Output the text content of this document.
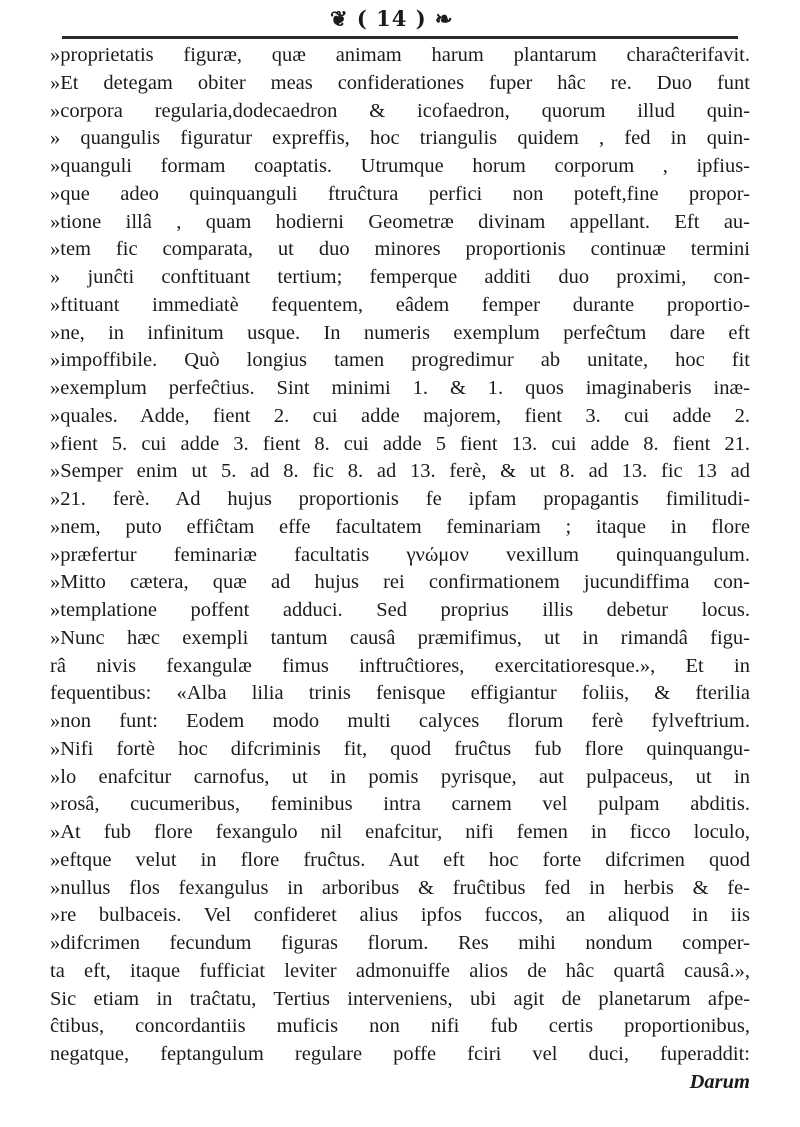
❦ ( 14 ) ❧
»proprietatis figuræ, quæ animam harum plantarum charaĉterifavit.
»Et detegam obiter meas confiderationes fuper hâc re. Duo funt
»corpora regularia,dodecaedron & icofaedron, quorum illud quin-
» quangulis figuratur expreffis, hoc triangulis quidem , fed in quin-
»quanguli formam coaptatis. Utrumque horum corporum , ipfius-
»que adeo quinquanguli ftruĉtura perfici non poteft,fine propor-
»tione illâ , quam hodierni Geometræ divinam appellant. Eft au-
»tem fic comparata, ut duo minores proportionis continuæ termini
» junĉti conftituant tertium; femperque additi duo proximi, con-
»ftituant immediatè fequentem, eâdem femper durante proportio-
»ne, in infinitum usque. In numeris exemplum perfeĉtum dare eft
»impoffibile. Quò longius tamen progredimur ab unitate, hoc fit
»exemplum perfeĉtius. Sint minimi 1. & 1. quos imaginaberis inæ-
»quales. Adde, fient 2. cui adde majorem, fient 3. cui adde 2.
»fient 5. cui adde 3. fient 8. cui adde 5 fient 13. cui adde 8. fient 21.
»Semper enim ut 5. ad 8. fic 8. ad 13. ferè, & ut 8. ad 13. fic 13 ad
»21. ferè. Ad hujus proportionis fe ipfam propagantis fimilitudi-
»nem, puto effiĉtam effe facultatem feminariam ; itaque in flore
»præfertur feminariæ facultatis γνώμον vexillum quinquangulum.
»Mitto cætera, quæ ad hujus rei confirmationem jucundiffima con-
»templatione poffent adduci. Sed proprius illis debetur locus.
»Nunc hæc exempli tantum causâ præmifimus, ut in rimandâ figu-
râ nivis fexangulæ fimus inftruĉtiores, exercitatioresque.», Et in
fequentibus: «Alba lilia trinis fenisque effigiantur foliis, & fterilia
»non funt: Eodem modo multi calyces florum ferè fylveftrium.
»Nifi fortè hoc difcriminis fit, quod fruĉtus fub flore quinquangu-
»lo enafcitur carnofus, ut in pomis pyrisque, aut pulpaceus, ut in
»rosâ, cucumeribus, feminibus intra carnem vel pulpam abditis.
»At fub flore fexangulo nil enafcitur, nifi femen in ficco loculo,
»eftque velut in flore fruĉtus. Aut eft hoc forte difcrimen quod
»nullus flos fexangulus in arboribus & fruĉtibus fed in herbis & fe-
»re bulbaceis. Vel confideret alius ipfos fuccos, an aliquod in iis
»difcrimen fecundum figuras florum. Res mihi nondum comper-
ta eft, itaque fufficiat leviter admonuiffe alios de hâc quartâ causâ.»,
Sic etiam in traĉtatu, Tertius interveniens, ubi agit de planetarum afpe-
ĉtibus, concordantiis muficis non nifi fub certis proportionibus,
negatque, feptangulum regulare poffe fciri vel duci, fuperaddit:
Darum
